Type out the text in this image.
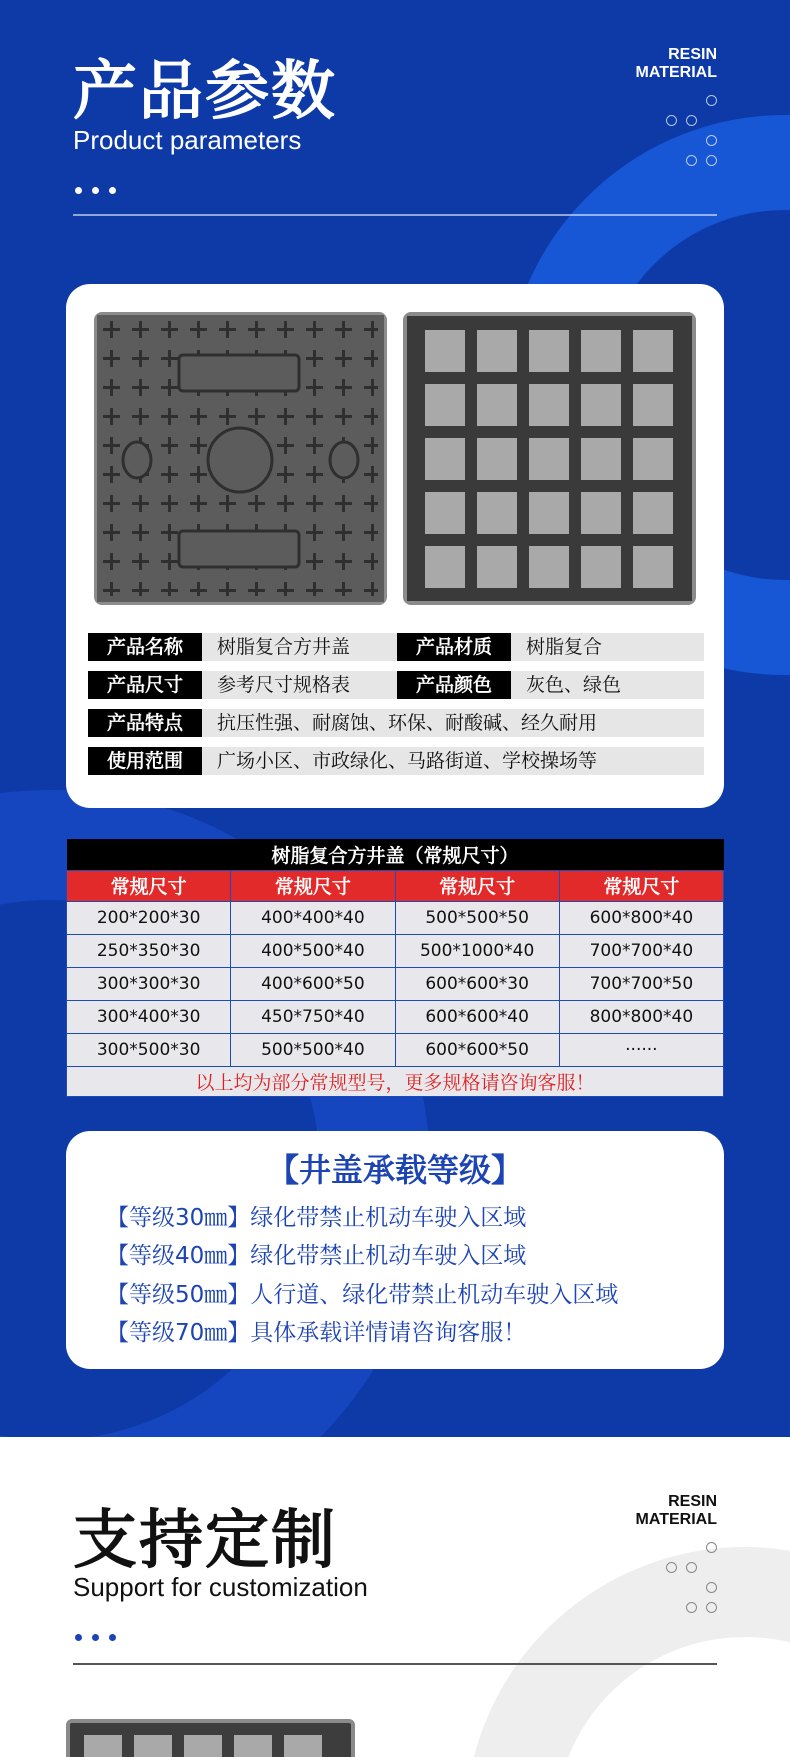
产品参数
Product parameters
RESIN
MATERIAL
产品名称	树脂复合方井盖	产品材质	树脂复合
产品尺寸	参考尺寸规格表	产品颜色	灰色、绿色
产品特点	抗压性强、耐腐蚀、环保、耐酸碱、经久耐用
使用范围	广场小区、市政绿化、马路街道、学校操场等
树脂复合方井盖（常规尺寸）			
常规尺寸	常规尺寸	常规尺寸	常规尺寸
200*200*30	400*400*40	500*500*50	600*800*40
250*350*30	400*500*40	500*1000*40	700*700*40
300*300*30	400*600*50	600*600*30	700*700*50
300*400*30	450*750*40	600*600*40	800*800*40
300*500*30	500*500*40	600*600*50	······
以上均为部分常规型号，更多规格请咨询客服！			
【井盖承载等级】
【等级30㎜】绿化带禁止机动车驶入区域
【等级40㎜】绿化带禁止机动车驶入区域
【等级50㎜】人行道、绿化带禁止机动车驶入区域
【等级70㎜】具体承载详情请咨询客服！
支持定制
Support for customization
RESIN
MATERIAL
